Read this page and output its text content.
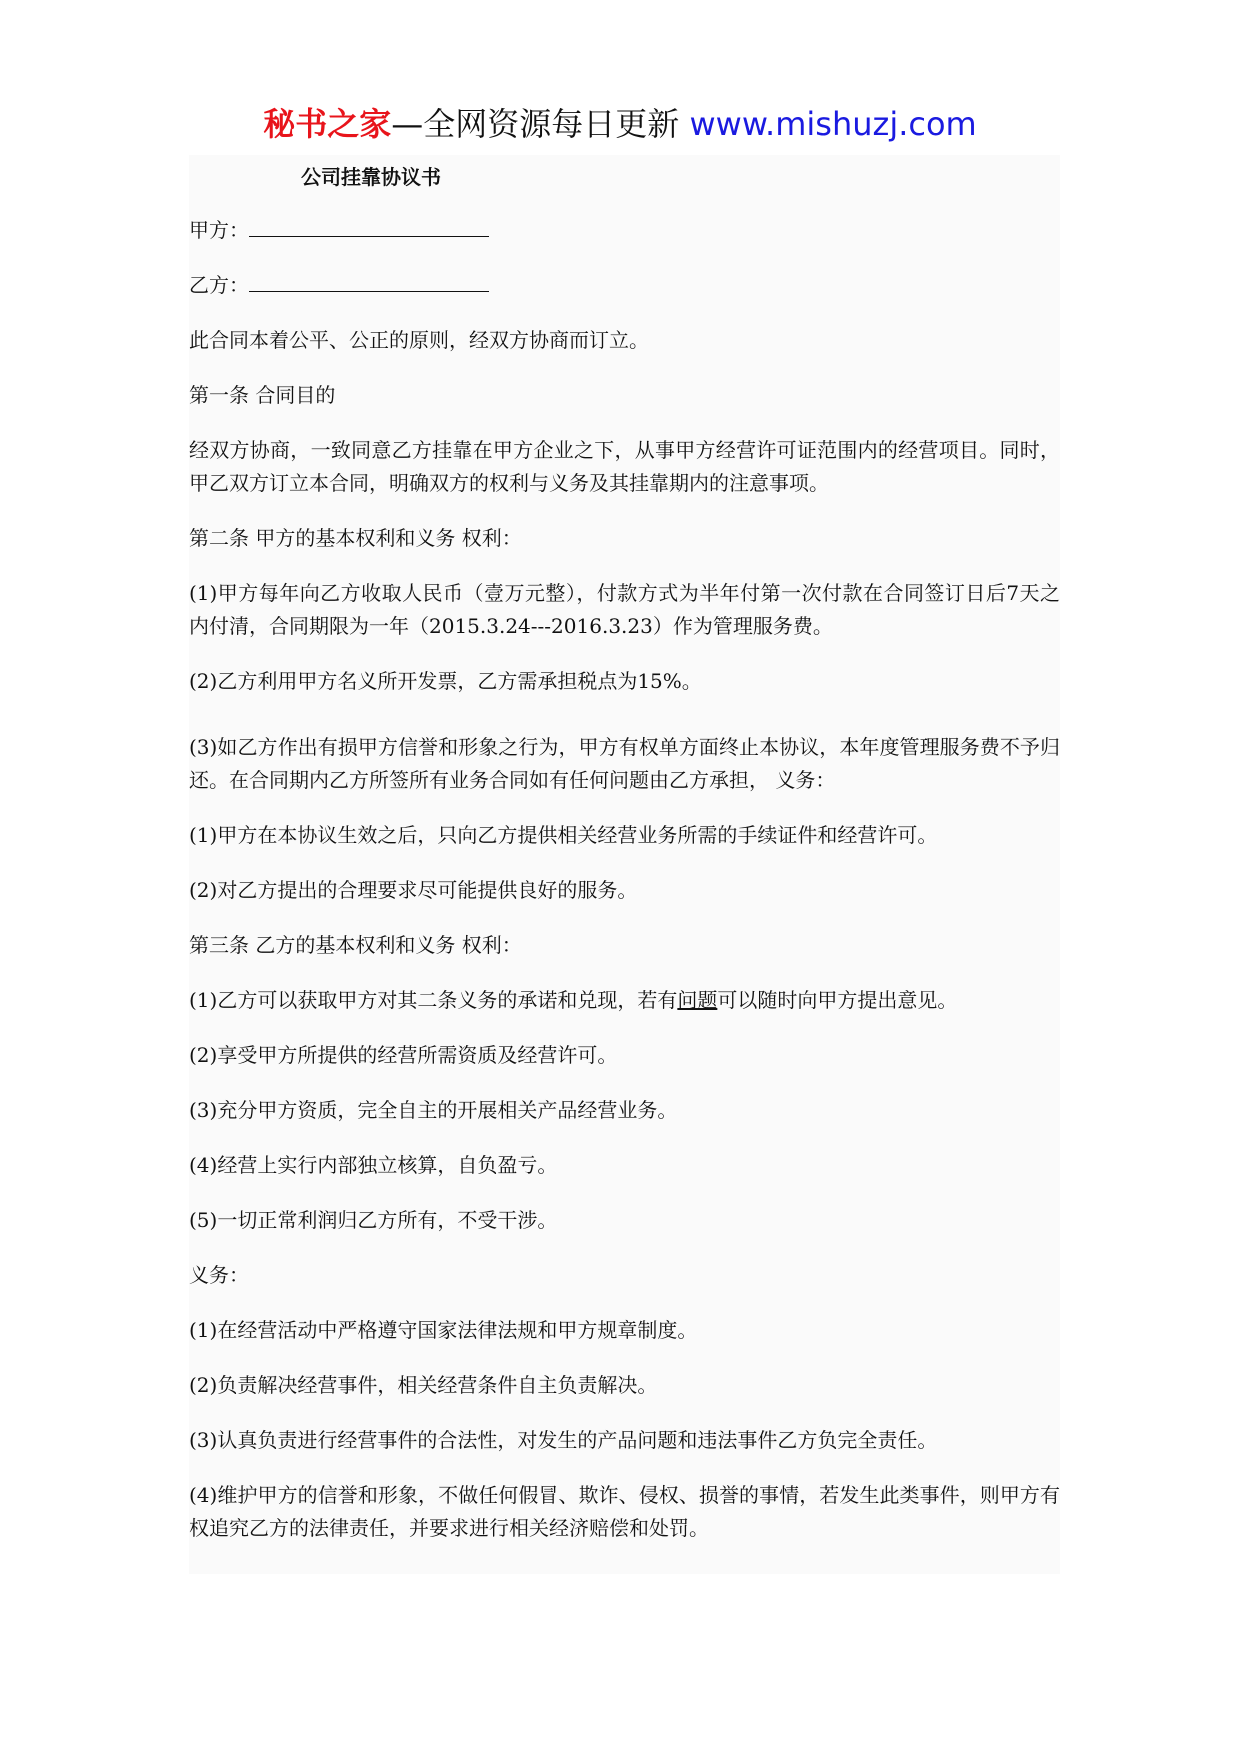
秘书之家—全网资源每日更新 www.mishuzj.com
公司挂靠协议书
甲方：
乙方：
此合同本着公平、公正的原则，经双方协商而订立。
第一条 合同目的
经双方协商，一致同意乙方挂靠在甲方企业之下，从事甲方经营许可证范围内的经营项目。同时，甲乙双方订立本合同，明确双方的权利与义务及其挂靠期内的注意事项。
第二条 甲方的基本权利和义务 权利：
(1)甲方每年向乙方收取人民币（壹万元整），付款方式为半年付第一次付款在合同签订日后7天之内付清，合同期限为一年（2015.3.24---2016.3.23）作为管理服务费。
(2)乙方利用甲方名义所开发票，乙方需承担税点为15%。
(3)如乙方作出有损甲方信誉和形象之行为，甲方有权单方面终止本协议，本年度管理服务费不予归还。在合同期内乙方所签所有业务合同如有任何问题由乙方承担， 义务：
(1)甲方在本协议生效之后，只向乙方提供相关经营业务所需的手续证件和经营许可。
(2)对乙方提出的合理要求尽可能提供良好的服务。
第三条 乙方的基本权利和义务 权利：
(1)乙方可以获取甲方对其二条义务的承诺和兑现，若有问题可以随时向甲方提出意见。
(2)享受甲方所提供的经营所需资质及经营许可。
(3)充分甲方资质，完全自主的开展相关产品经营业务。
(4)经营上实行内部独立核算，自负盈亏。
(5)一切正常利润归乙方所有，不受干涉。
义务：
(1)在经营活动中严格遵守国家法律法规和甲方规章制度。
(2)负责解决经营事件，相关经营条件自主负责解决。
(3)认真负责进行经营事件的合法性，对发生的产品问题和违法事件乙方负完全责任。
(4)维护甲方的信誉和形象，不做任何假冒、欺诈、侵权、损誉的事情，若发生此类事件，则甲方有权追究乙方的法律责任，并要求进行相关经济赔偿和处罚。
